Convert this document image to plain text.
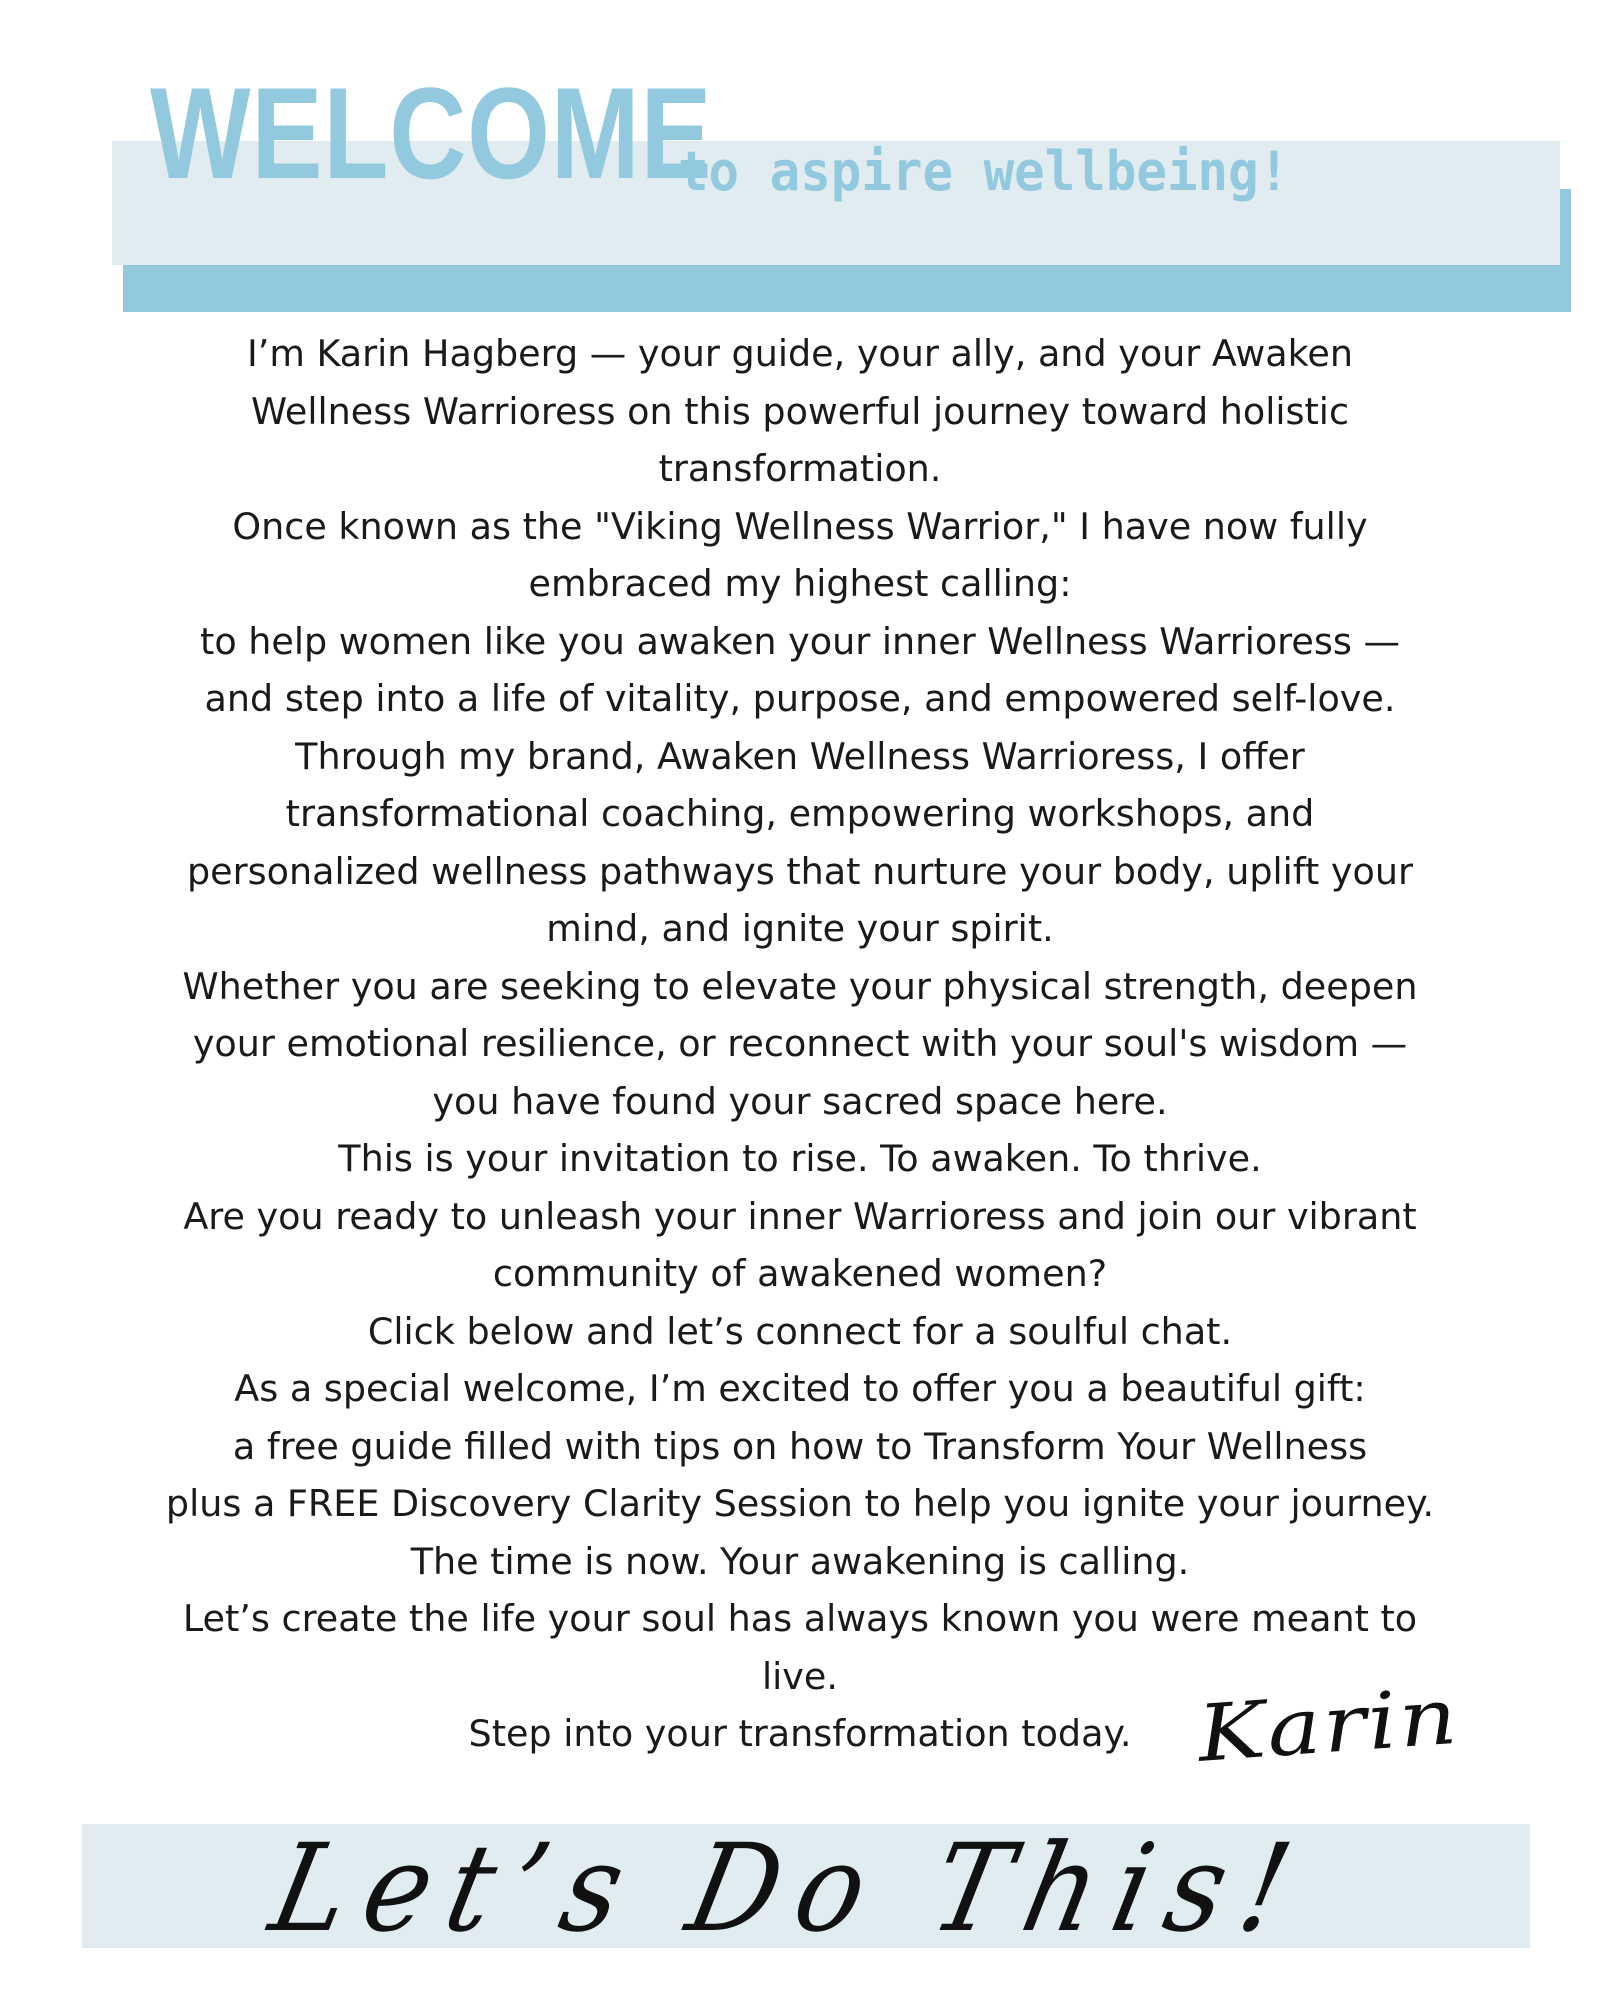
WELCOME
to aspire wellbeing!
I’m Karin Hagberg — your guide, your ally, and your Awaken
Wellness Warrioress on this powerful journey toward holistic
transformation.
Once known as the "Viking Wellness Warrior," I have now fully
embraced my highest calling:
to help women like you awaken your inner Wellness Warrioress —
and step into a life of vitality, purpose, and empowered self-love.
Through my brand, Awaken Wellness Warrioress, I offer
transformational coaching, empowering workshops, and
personalized wellness pathways that nurture your body, uplift your
mind, and ignite your spirit.
Whether you are seeking to elevate your physical strength, deepen
your emotional resilience, or reconnect with your soul's wisdom —
you have found your sacred space here.
This is your invitation to rise. To awaken. To thrive.
Are you ready to unleash your inner Warrioress and join our vibrant
community of awakened women?
Click below and let’s connect for a soulful chat.
As a special welcome, I’m excited to offer you a beautiful gift:
a free guide filled with tips on how to Transform Your Wellness
plus a FREE Discovery Clarity Session to help you ignite your journey.
The time is now. Your awakening is calling.
Let’s create the life your soul has always known you were meant to
live.
Step into your transformation today. Karin
Let’s Do This!
